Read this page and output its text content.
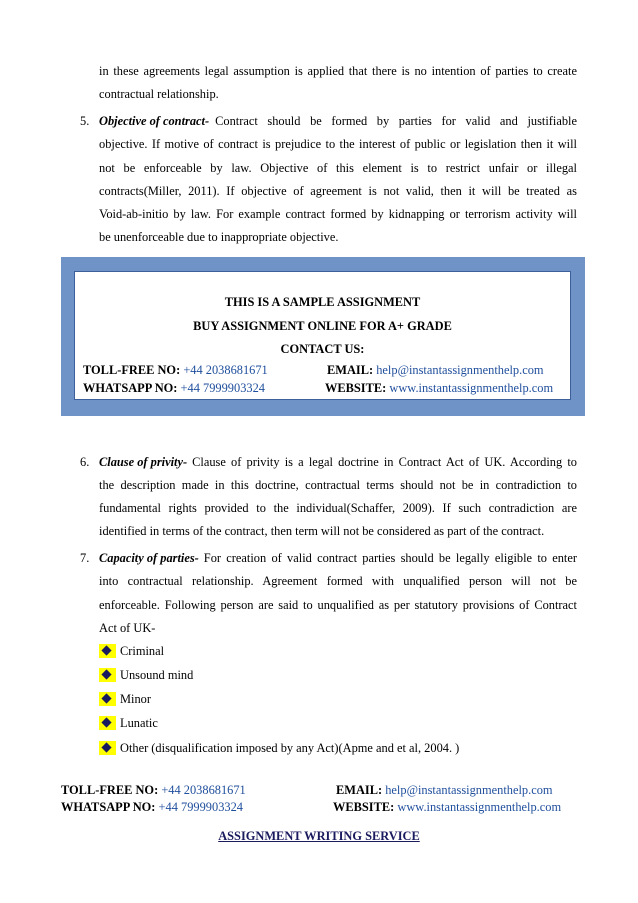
in these agreements legal assumption is applied that there is no intention of parties to create
contractual relationship.
5. Objective of contract- Contract should be formed by parties for valid and justifiable
objective. If motive of contract is prejudice to the interest of public or legislation then it will
not be enforceable by law. Objective of this element is to restrict unfair or illegal
contracts(Miller, 2011). If objective of agreement is not valid, then it will be treated as
Void-ab-initio by law. For example contract formed by kidnapping or terrorism activity will
be unenforceable due to inappropriate objective.
THIS IS A SAMPLE ASSIGNMENT
BUY ASSIGNMENT ONLINE FOR A+ GRADE
CONTACT US:
TOLL-FREE NO: +44 2038681671	EMAIL: help@instantassignmenthelp.com
WHATSAPP NO: +44 7999903324	WEBSITE: www.instantassignmenthelp.com
6. Clause of privity- Clause of privity is a legal doctrine in Contract Act of UK. According to
the description made in this doctrine, contractual terms should not be in contradiction to
fundamental rights provided to the individual(Schaffer, 2009). If such contradiction are
identified in terms of the contract, then term will not be considered as part of the contract.
7. Capacity of parties- For creation of valid contract parties should be legally eligible to enter
into contractual relationship. Agreement formed with unqualified person will not be
enforceable. Following person are said to unqualified as per statutory provisions of Contract
Act of UK-
Criminal
Unsound mind
Minor
Lunatic
Other (disqualification imposed by any Act)(Apme and et al, 2004. )
TOLL-FREE NO: +44 2038681671	EMAIL: help@instantassignmenthelp.com
WHATSAPP NO: +44 7999903324	WEBSITE: www.instantassignmenthelp.com
ASSIGNMENT WRITING SERVICE
